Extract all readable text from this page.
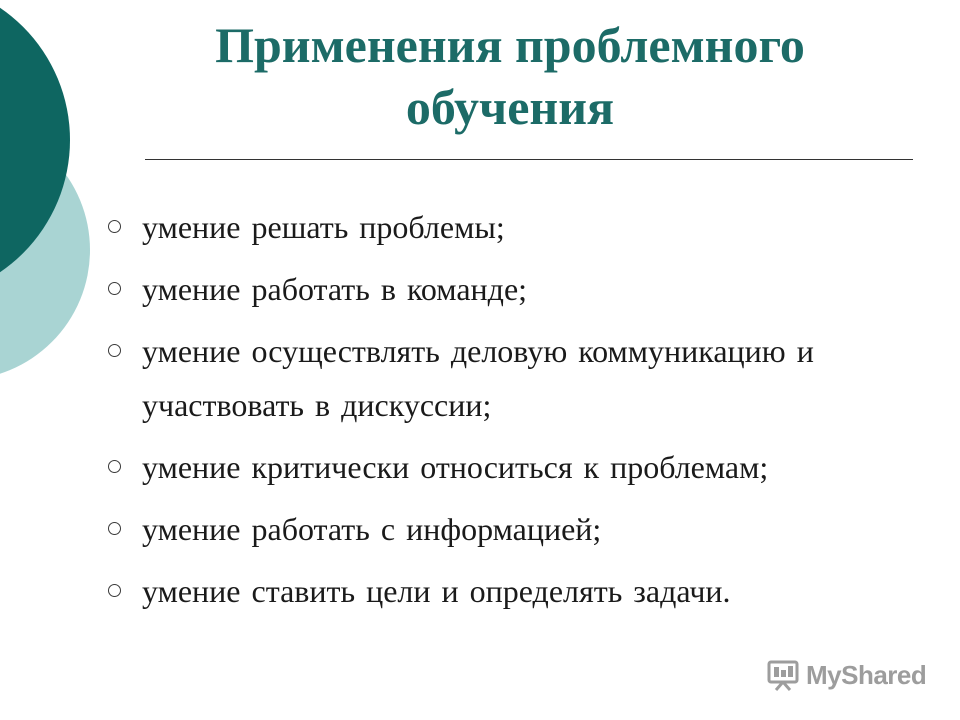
Применения проблемного обучения
умение решать проблемы;
умение работать в команде;
умение осуществлять деловую коммуникацию и участвовать в дискуссии;
умение критически относиться к проблемам;
умение работать с информацией;
умение ставить цели и определять задачи.
MyShared
